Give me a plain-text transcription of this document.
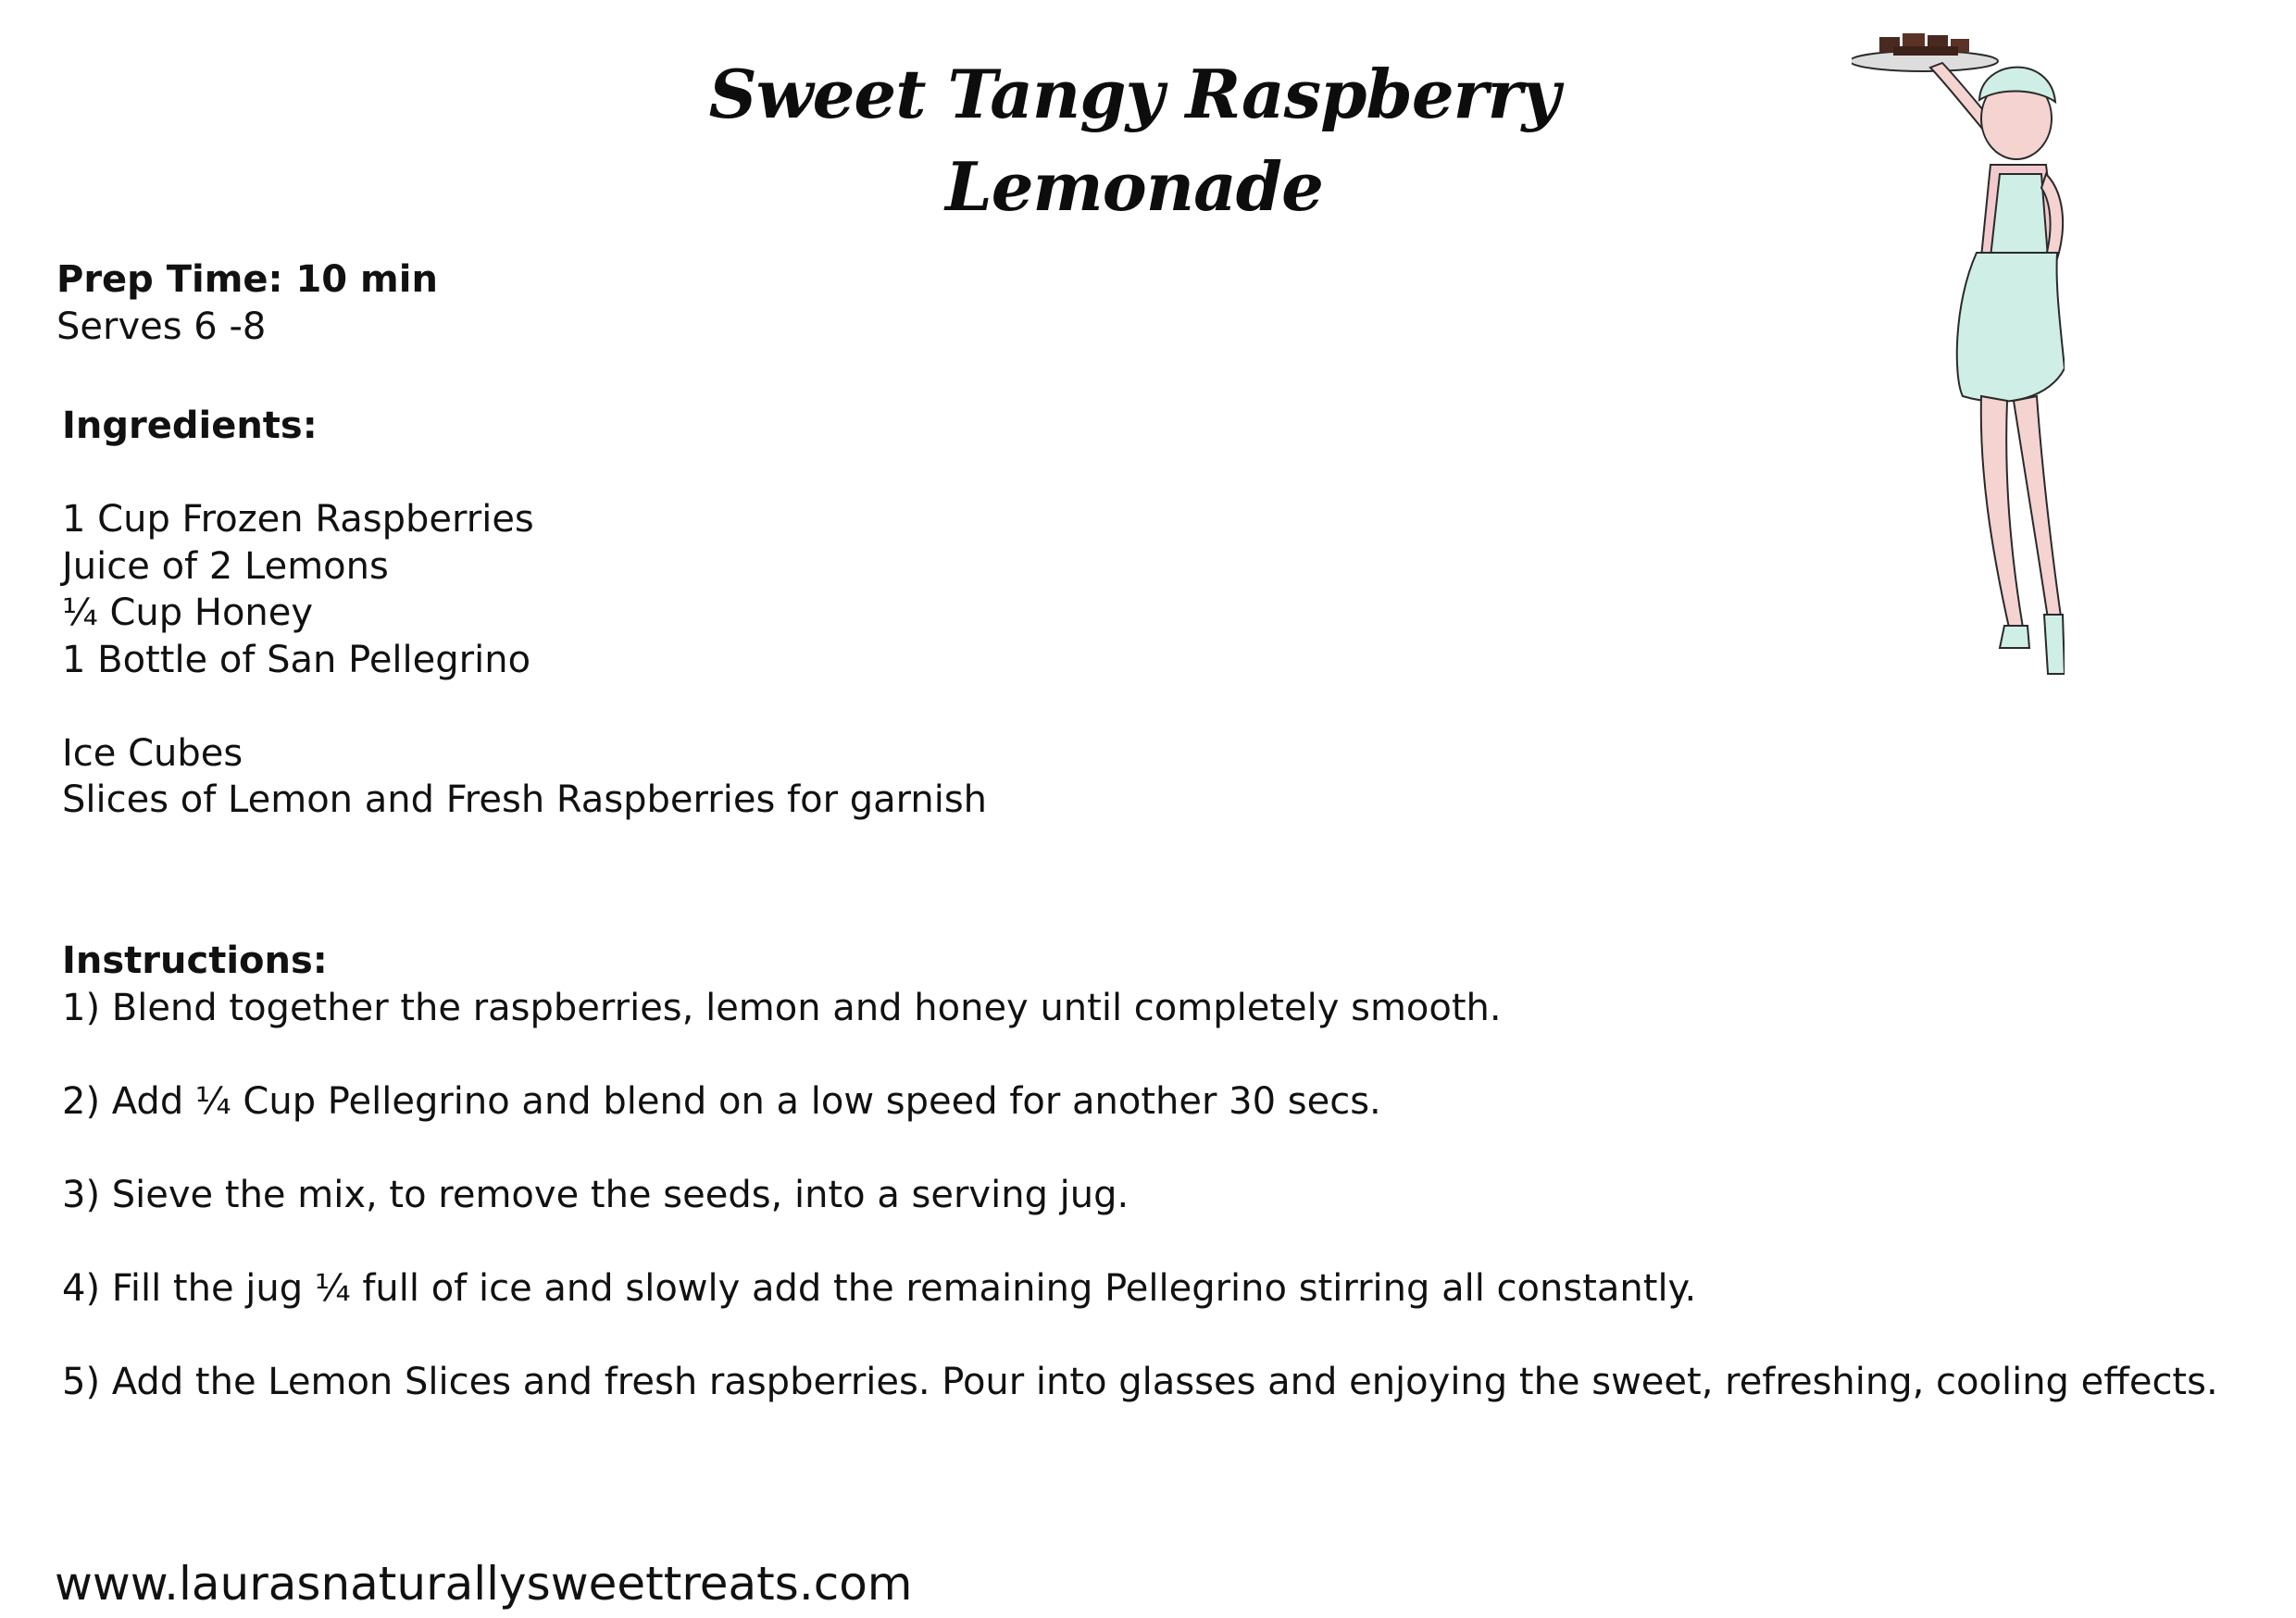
Sweet Tangy Raspberry Lemonade
Prep Time: 10 min
Serves 6 -8
Ingredients:
1 Cup Frozen Raspberries
Juice of 2 Lemons
¼ Cup Honey
1 Bottle of San Pellegrino
Ice Cubes
Slices of Lemon and Fresh Raspberries for garnish
Instructions:
1) Blend together the raspberries, lemon and honey until completely smooth.
2) Add ¼ Cup Pellegrino and blend on a low speed for another 30 secs.
3) Sieve the mix, to remove the seeds, into a serving jug.
4) Fill the jug ¼ full of ice and slowly add the remaining Pellegrino stirring all constantly.
5) Add the Lemon Slices and fresh raspberries. Pour into glasses and enjoying the sweet, refreshing, cooling effects.
www.laurasnaturallysweettreats.com
